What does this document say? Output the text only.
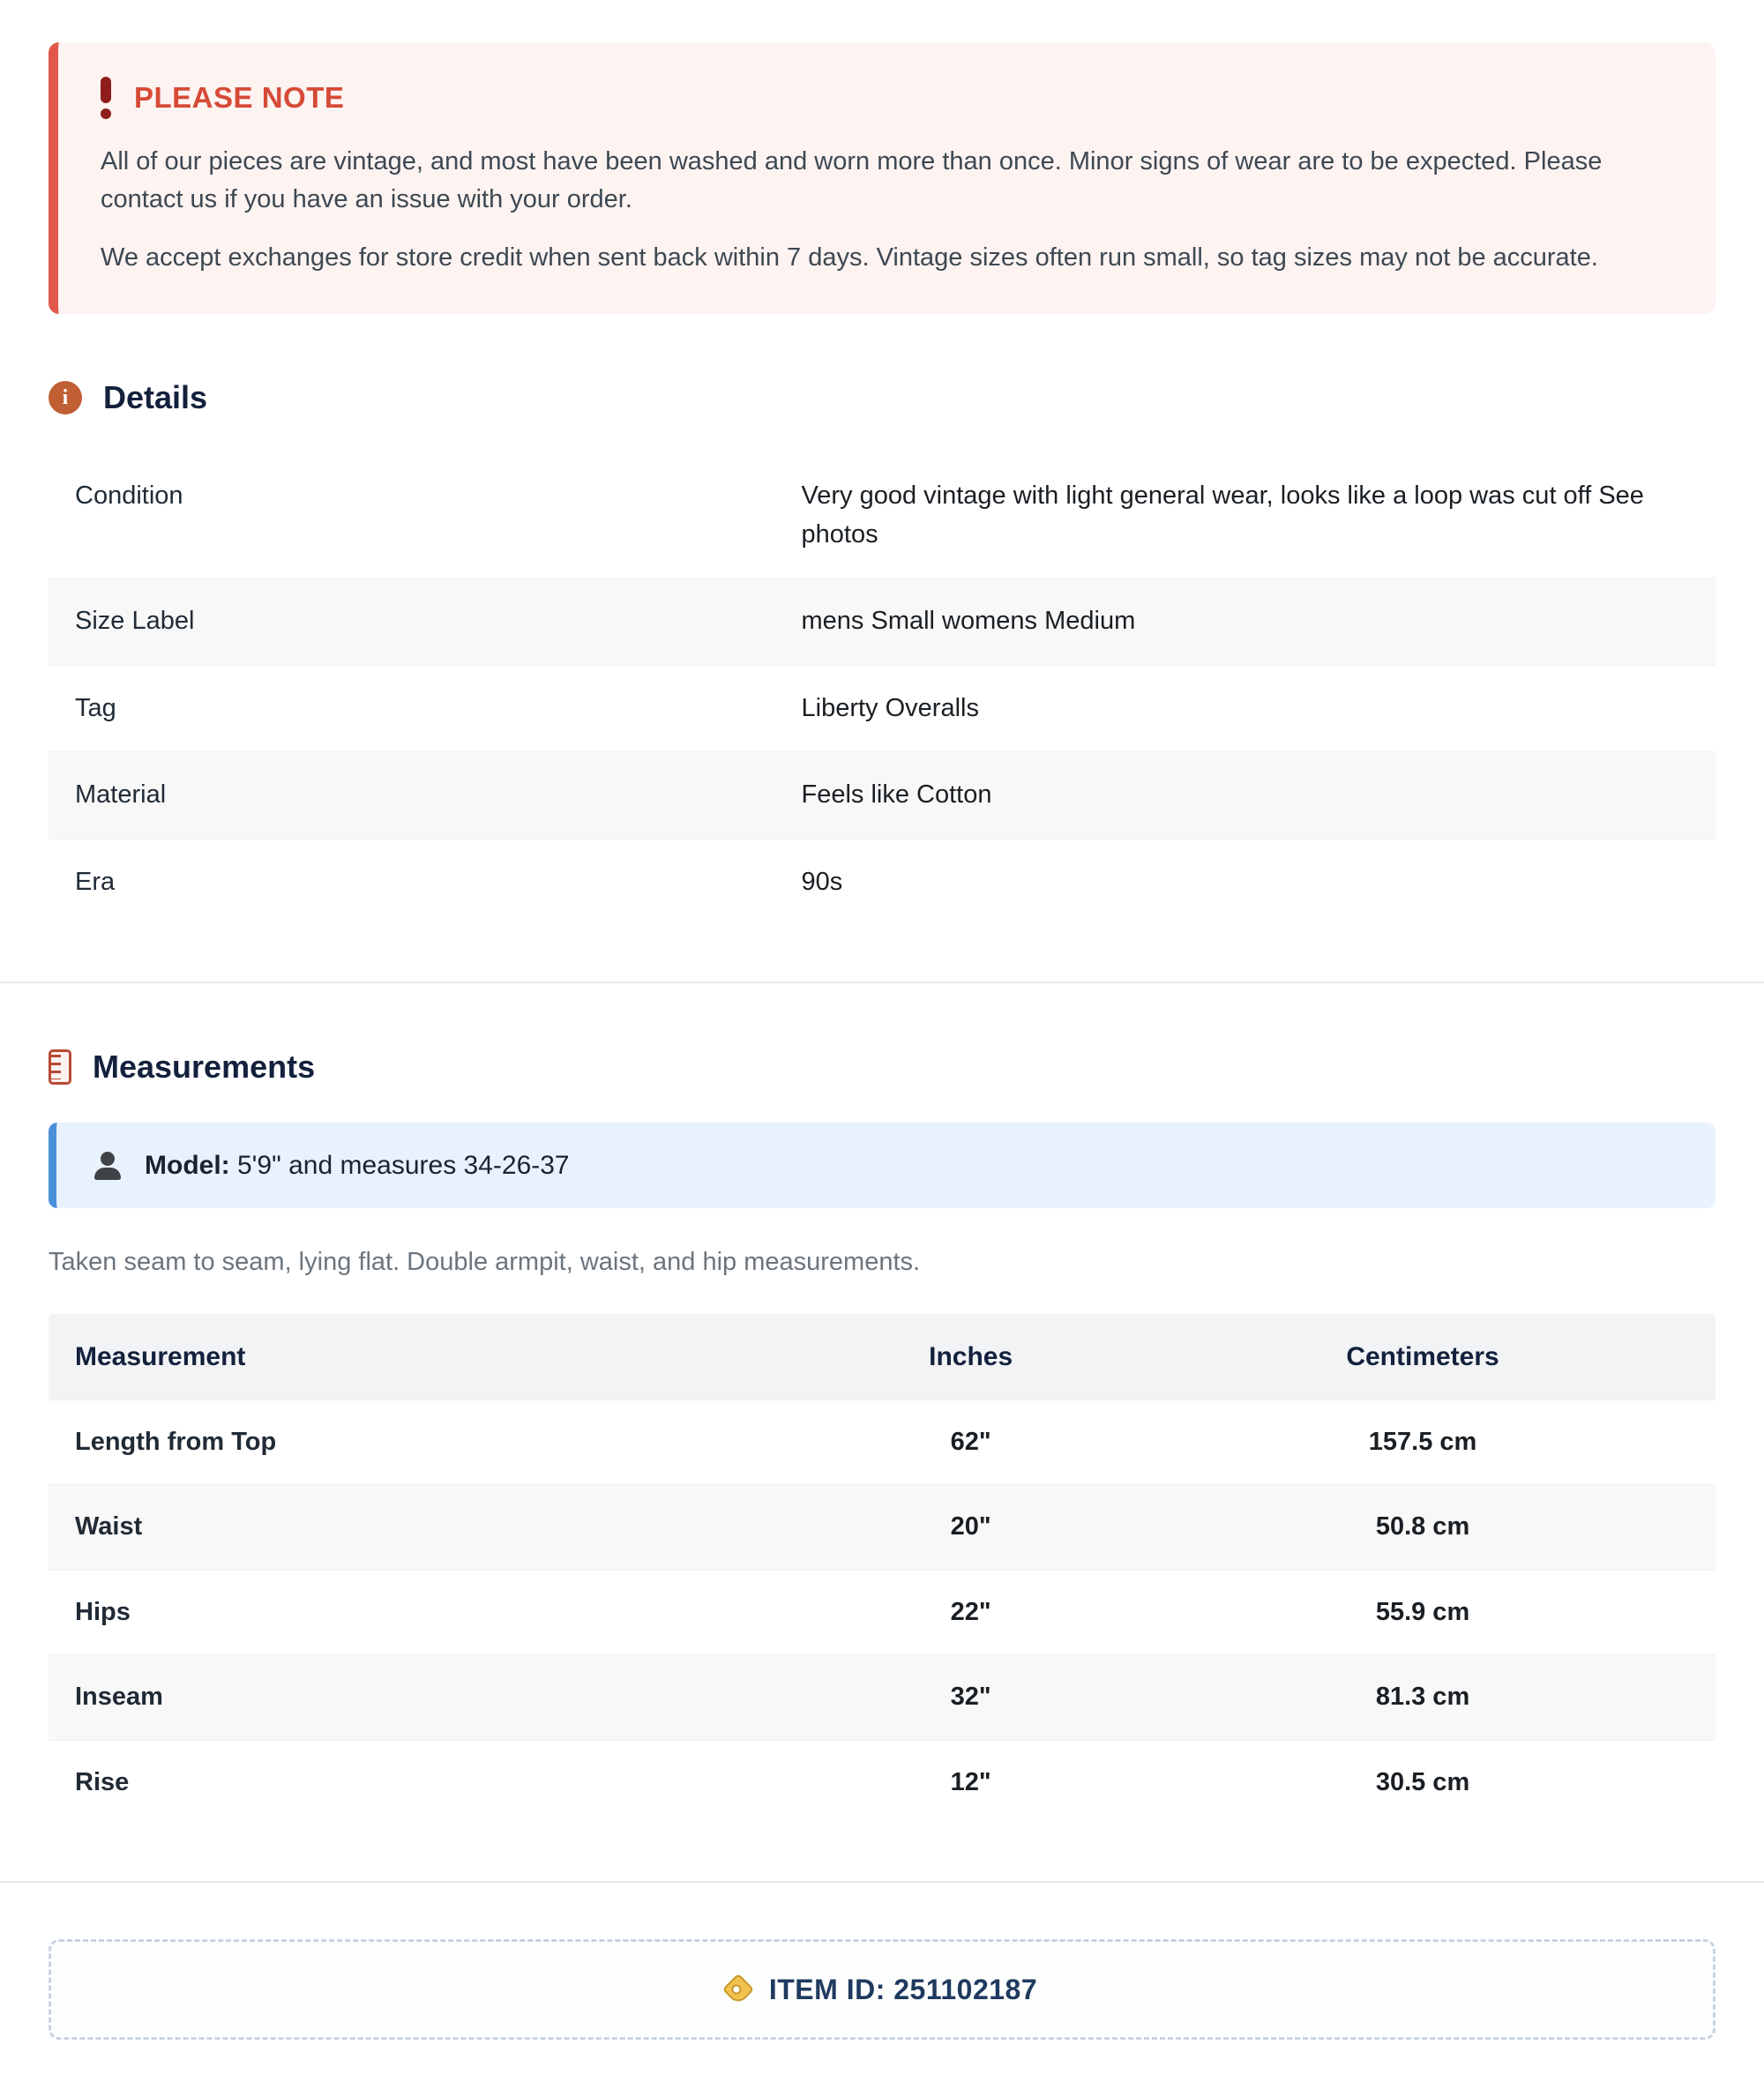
PLEASE NOTE

All of our pieces are vintage, and most have been washed and worn more than once. Minor signs of wear are to be expected. Please contact us if you have an issue with your order.

We accept exchanges for store credit when sent back within 7 days. Vintage sizes often run small, so tag sizes may not be accurate.

i	Details
Condition	Very good vintage with light general wear, looks like a loop was cut off See photos
Size Label	mens Small womens Medium
Tag	Liberty Overalls
Material	Feels like Cotton
Era	90s
Measurements
Model: 5'9" and measures 34-26-37

Taken seam to seam, lying flat. Double armpit, waist, and hip measurements.

Measurement	Inches	Centimeters
Length from Top	62"	157.5 cm
Waist	20"	50.8 cm
Hips	22"	55.9 cm
Inseam	32"	81.3 cm
Rise	12"	30.5 cm
ITEM ID: 251102187
